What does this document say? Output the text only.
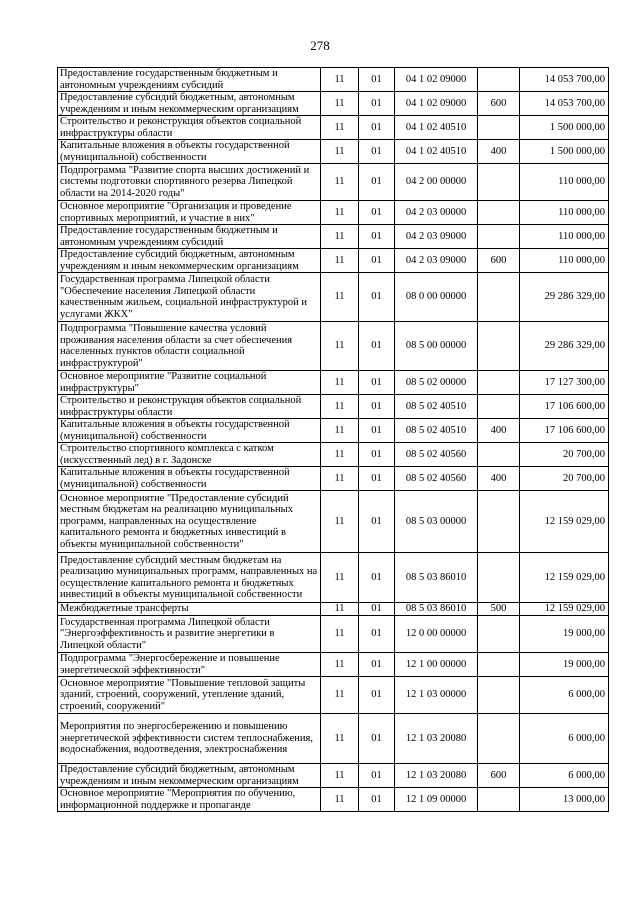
278
Предоставление государственным бюджетным и автономным учреждениям субсидий	11	01	04 1 02 09000		14 053 700,00
Предоставление субсидий бюджетным, автономным учреждениям и иным некоммерческим организациям	11	01	04 1 02 09000	600	14 053 700,00
Строительство и реконструкция объектов социальной инфраструктуры области	11	01	04 1 02 40510		1 500 000,00
Капитальные вложения в объекты государственной (муниципальной) собственности	11	01	04 1 02 40510	400	1 500 000,00
Подпрограмма "Развитие спорта высших достижений и системы подготовки спортивного резерва Липецкой области на 2014-2020 годы"	11	01	04 2 00 00000		110 000,00
Основное мероприятие "Организация и проведение спортивных мероприятий, и участие в них"	11	01	04 2 03 00000		110 000,00
Предоставление государственным бюджетным и автономным учреждениям субсидий	11	01	04 2 03 09000		110 000,00
Предоставление субсидий бюджетным, автономным учреждениям и иным некоммерческим организациям	11	01	04 2 03 09000	600	110 000,00
Государственная программа Липецкой области "Обеспечение населения Липецкой области качественным жильем, социальной инфраструктурой и услугами ЖКХ"	11	01	08 0 00 00000		29 286 329,00
Подпрограмма "Повышение качества условий проживания населения области за счет обеспечения населенных пунктов области социальной инфраструктурой"	11	01	08 5 00 00000		29 286 329,00
Основное мероприятие "Развитие социальной инфраструктуры"	11	01	08 5 02 00000		17 127 300,00
Строительство и реконструкция объектов социальной инфраструктуры области	11	01	08 5 02 40510		17 106 600,00
Капитальные вложения в объекты государственной (муниципальной) собственности	11	01	08 5 02 40510	400	17 106 600,00
Строительство спортивного комплекса с катком (искусственный лед) в г. Задонске	11	01	08 5 02 40560		20 700,00
Капитальные вложения в объекты государственной (муниципальной) собственности	11	01	08 5 02 40560	400	20 700,00
Основное мероприятие "Предоставление субсидий местным бюджетам на реализацию муниципальных программ, направленных на осуществление капитального ремонта и бюджетных инвестиций в объекты муниципальной собственности"	11	01	08 5 03 00000		12 159 029,00
Предоставление субсидий местным бюджетам на реализацию муниципальных программ, направленных на осуществление капитального ремонта и бюджетных инвестиций в объекты муниципальной собственности	11	01	08 5 03 86010		12 159 029,00
Межбюджетные трансферты	11	01	08 5 03 86010	500	12 159 029,00
Государственная программа Липецкой области "Энергоэффективность и развитие энергетики в Липецкой области"	11	01	12 0 00 00000		19 000,00
Подпрограмма "Энергосбережение и повышение энергетической эффективности"	11	01	12 1 00 00000		19 000,00
Основное мероприятие "Повышение тепловой защиты зданий, строений, сооружений, утепление зданий, строений, сооружений"	11	01	12 1 03 00000		6 000,00
Мероприятия по энергосбережению и повышению энергетической эффективности систем теплоснабжения, водоснабжения, водоотведения, электроснабжения	11	01	12 1 03 20080		6 000,00
Предоставление субсидий бюджетным, автономным учреждениям и иным некоммерческим организациям	11	01	12 1 03 20080	600	6 000,00
Основное мероприятие "Мероприятия по обучению, информационной поддержке и пропаганде	11	01	12 1 09 00000		13 000,00
